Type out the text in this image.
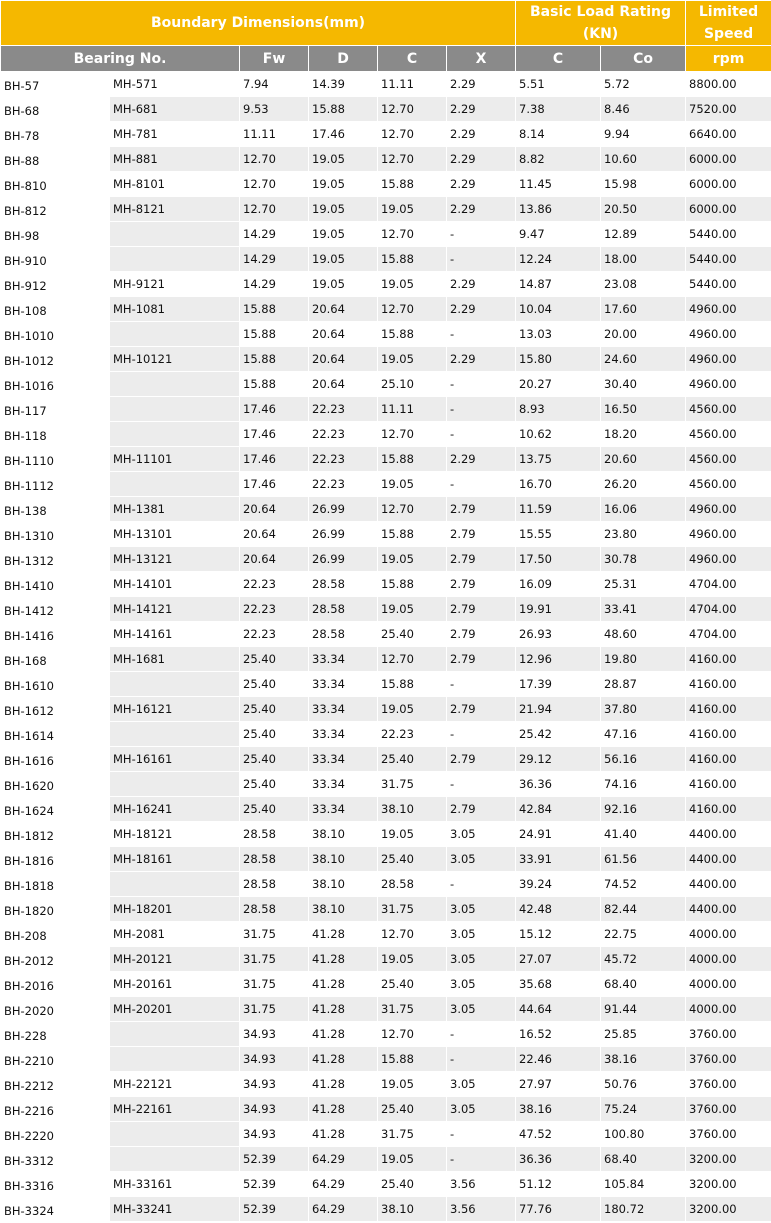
Boundary Dimensions(mm)						Basic Load Rating (KN)		Limited Speed
Bearing No.		Fw	D	C	X	C	Co	rpm
BH-57	MH-571	7.94	14.39	11.11	2.29	5.51	5.72	8800.00
BH-68	MH-681	9.53	15.88	12.70	2.29	7.38	8.46	7520.00
BH-78	MH-781	11.11	17.46	12.70	2.29	8.14	9.94	6640.00
BH-88	MH-881	12.70	19.05	12.70	2.29	8.82	10.60	6000.00
BH-810	MH-8101	12.70	19.05	15.88	2.29	11.45	15.98	6000.00
BH-812	MH-8121	12.70	19.05	19.05	2.29	13.86	20.50	6000.00
BH-98		14.29	19.05	12.70	-	9.47	12.89	5440.00
BH-910		14.29	19.05	15.88	-	12.24	18.00	5440.00
BH-912	MH-9121	14.29	19.05	19.05	2.29	14.87	23.08	5440.00
BH-108	MH-1081	15.88	20.64	12.70	2.29	10.04	17.60	4960.00
BH-1010		15.88	20.64	15.88	-	13.03	20.00	4960.00
BH-1012	MH-10121	15.88	20.64	19.05	2.29	15.80	24.60	4960.00
BH-1016		15.88	20.64	25.10	-	20.27	30.40	4960.00
BH-117		17.46	22.23	11.11	-	8.93	16.50	4560.00
BH-118		17.46	22.23	12.70	-	10.62	18.20	4560.00
BH-1110	MH-11101	17.46	22.23	15.88	2.29	13.75	20.60	4560.00
BH-1112		17.46	22.23	19.05	-	16.70	26.20	4560.00
BH-138	MH-1381	20.64	26.99	12.70	2.79	11.59	16.06	4960.00
BH-1310	MH-13101	20.64	26.99	15.88	2.79	15.55	23.80	4960.00
BH-1312	MH-13121	20.64	26.99	19.05	2.79	17.50	30.78	4960.00
BH-1410	MH-14101	22.23	28.58	15.88	2.79	16.09	25.31	4704.00
BH-1412	MH-14121	22.23	28.58	19.05	2.79	19.91	33.41	4704.00
BH-1416	MH-14161	22.23	28.58	25.40	2.79	26.93	48.60	4704.00
BH-168	MH-1681	25.40	33.34	12.70	2.79	12.96	19.80	4160.00
BH-1610		25.40	33.34	15.88	-	17.39	28.87	4160.00
BH-1612	MH-16121	25.40	33.34	19.05	2.79	21.94	37.80	4160.00
BH-1614		25.40	33.34	22.23	-	25.42	47.16	4160.00
BH-1616	MH-16161	25.40	33.34	25.40	2.79	29.12	56.16	4160.00
BH-1620		25.40	33.34	31.75	-	36.36	74.16	4160.00
BH-1624	MH-16241	25.40	33.34	38.10	2.79	42.84	92.16	4160.00
BH-1812	MH-18121	28.58	38.10	19.05	3.05	24.91	41.40	4400.00
BH-1816	MH-18161	28.58	38.10	25.40	3.05	33.91	61.56	4400.00
BH-1818		28.58	38.10	28.58	-	39.24	74.52	4400.00
BH-1820	MH-18201	28.58	38.10	31.75	3.05	42.48	82.44	4400.00
BH-208	MH-2081	31.75	41.28	12.70	3.05	15.12	22.75	4000.00
BH-2012	MH-20121	31.75	41.28	19.05	3.05	27.07	45.72	4000.00
BH-2016	MH-20161	31.75	41.28	25.40	3.05	35.68	68.40	4000.00
BH-2020	MH-20201	31.75	41.28	31.75	3.05	44.64	91.44	4000.00
BH-228		34.93	41.28	12.70	-	16.52	25.85	3760.00
BH-2210		34.93	41.28	15.88	-	22.46	38.16	3760.00
BH-2212	MH-22121	34.93	41.28	19.05	3.05	27.97	50.76	3760.00
BH-2216	MH-22161	34.93	41.28	25.40	3.05	38.16	75.24	3760.00
BH-2220		34.93	41.28	31.75	-	47.52	100.80	3760.00
BH-3312		52.39	64.29	19.05	-	36.36	68.40	3200.00
BH-3316	MH-33161	52.39	64.29	25.40	3.56	51.12	105.84	3200.00
BH-3324	MH-33241	52.39	64.29	38.10	3.56	77.76	180.72	3200.00
